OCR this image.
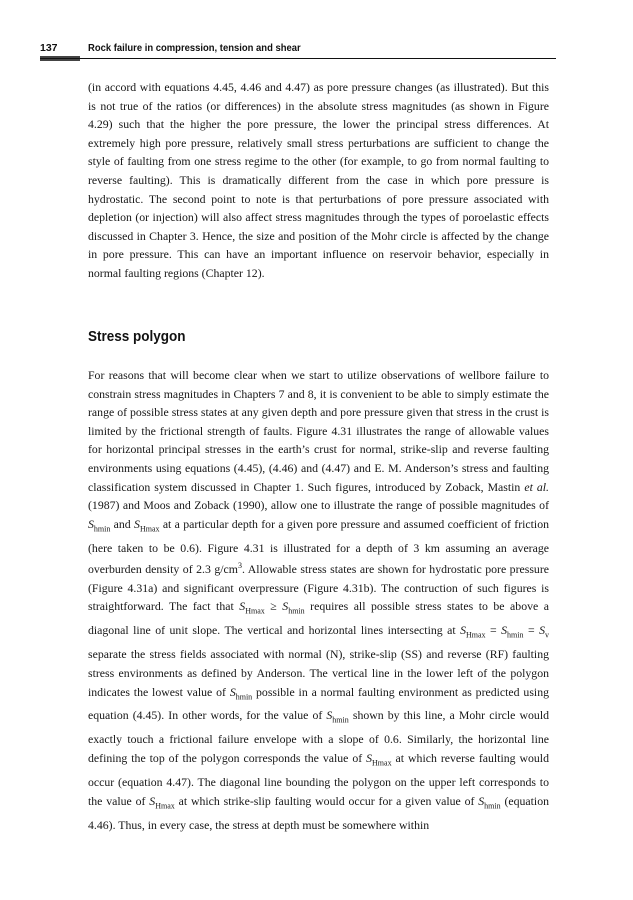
137	Rock failure in compression, tension and shear

(in accord with equations 4.45, 4.46 and 4.47) as pore pressure changes (as illustrated). But this is not true of the ratios (or differences) in the absolute stress magnitudes (as shown in Figure 4.29) such that the higher the pore pressure, the lower the principal stress differences. At extremely high pore pressure, relatively small stress perturbations are sufficient to change the style of faulting from one stress regime to the other (for example, to go from normal faulting to reverse faulting). This is dramatically different from the case in which pore pressure is hydrostatic. The second point to note is that perturbations of pore pressure associated with depletion (or injection) will also affect stress magnitudes through the types of poroelastic effects discussed in Chapter 3. Hence, the size and position of the Mohr circle is affected by the change in pore pressure. This can have an important influence on reservoir behavior, especially in normal faulting regions (Chapter 12).

Stress polygon

For reasons that will become clear when we start to utilize observations of wellbore failure to constrain stress magnitudes in Chapters 7 and 8, it is convenient to be able to simply estimate the range of possible stress states at any given depth and pore pressure given that stress in the crust is limited by the frictional strength of faults. Figure 4.31 illustrates the range of allowable values for horizontal principal stresses in the earth’s crust for normal, strike-slip and reverse faulting environments using equations (4.45), (4.46) and (4.47) and E. M. Anderson’s stress and faulting classification system discussed in Chapter 1. Such figures, introduced by Zoback, Mastin et al. (1987) and Moos and Zoback (1990), allow one to illustrate the range of possible magnitudes of $S_{hmin}$ and $S_{Hmax}$ at a particular depth for a given pore pressure and assumed coefficient of friction (here taken to be 0.6). Figure 4.31 is illustrated for a depth of 3 km assuming an average overburden density of 2.3 $g/cm^3$. Allowable stress states are shown for hydrostatic pore pressure (Figure 4.31a) and significant overpressure (Figure 4.31b). The contruction of such figures is straightforward. The fact that $S_{Hmax} \ge S_{hmin}$ requires all possible stress states to be above a diagonal line of unit slope. The vertical and horizontal lines intersecting at $S_{Hmax} = S_{hmin} = S_v$ separate the stress fields associated with normal (N), strike-slip (SS) and reverse (RF) faulting stress environments as defined by Anderson. The vertical line in the lower left of the polygon indicates the lowest value of $S_{hmin}$ possible in a normal faulting environment as predicted using equation (4.45). In other words, for the value of $S_{hmin}$ shown by this line, a Mohr circle would exactly touch a frictional failure envelope with a slope of 0.6. Similarly, the horizontal line defining the top of the polygon corresponds the value of $S_{Hmax}$ at which reverse faulting would occur (equation 4.47). The diagonal line bounding the polygon on the upper left corresponds to the value of $S_{Hmax}$ at which strike-slip faulting would occur for a given value of $S_{hmin}$ (equation 4.46). Thus, in every case, the stress at depth must be somewhere within
